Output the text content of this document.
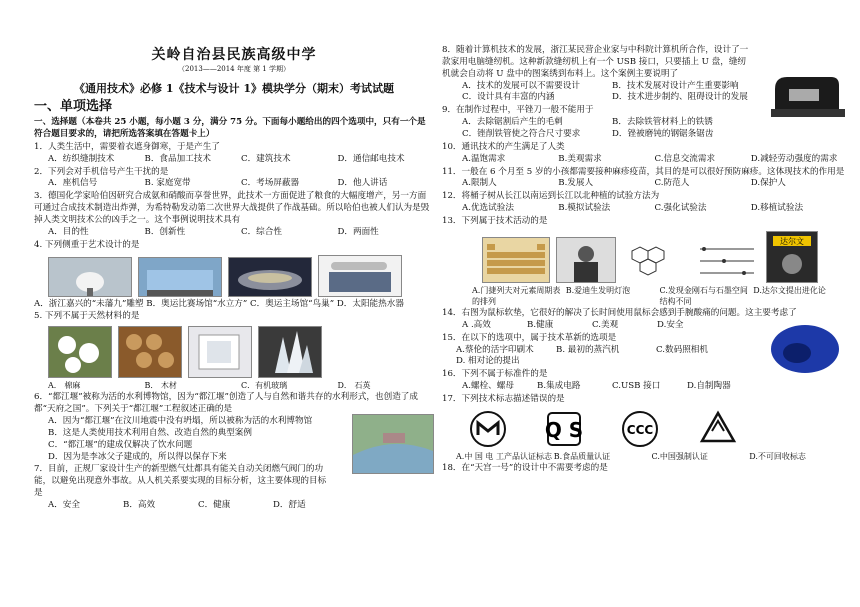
关岭自治县民族高级中学
（2013——2014 年度 第 1 学期）
《通用技术》必修 1《技术与设计 1》模块学分（期末）考试试题
一、单项选择
一、选择题（本卷共 25 小题，每小题 3 分，满分 75 分。下面每小题给出的四个选项中，只有一个是符合题目要求的，请把所选答案填在答题卡上）
1．人类生活中，需要着衣遮身御寒，于是产生了
A．纺织缝制技术	B．食品加工技术	C．建筑技术	D．通信邮电技术
2．下列会对手机信号产生干扰的是
A．座机信号	B. 家庭宽带	C．考场屏蔽器	D．他人讲话
3．德国化学家哈伯因研究合成氨和硝酸而享誉世界，此技术一方面促进了粮食的大幅度增产，另一方面可通过合成技术制造出炸弹，为希特勒发动第二次世界大战提供了作战基础。所以哈伯也被人们认为是毁掉人类文明技术公的凶手之一。这个事例说明技术具有
A．目的性	B．创新性	C．综合性	D．两面性
4. 下列侧重于艺术设计的是
A．浙江嘉兴的“未藩九”雕塑 B．奥运比赛场馆“水立方” C．奥运主场馆“鸟巢” D．太阳能热水器
5. 下列不属于天然材料的是
A． 棉麻	B． 木材	C．有机玻璃	D． 石英
6．“都江堰”被称为活的水利博物馆，因为“都江堰”创造了人与自然和谐共存的水利形式，也创造了成都“天府之国”。下列关于“都江堰”工程叙述正确的是
A．因为“都江堰”在汶川地震中没有坍塌，所以被称为活的水利博物馆
B．这是人类使用技术利用自然、改造自然的典型案例
C．“都江堰”的建成仅解决了饮水问题
D．因为是李冰父子建成的，所以得以保存下来
7．目前，正规厂家设计生产的新型燃气灶都具有能关自动关闭燃气阀门的功能，以避免出现意外事故。从人机关系要实现的目标分析，这主要体现的目标是
A．安全	B．高效	C．健康	D．舒适
8．随着计算机技术的发展，浙江某民营企业家与中科院计算机所合作，设计了一款家用电脑缝纫机。这种新款缝纫机上有一个 USB 接口，只要插上 U 盘，缝纫机就会自动将 U 盘中的图案绣到布料上。这个案例主要说明了
A．技术的发展可以不需要设计	B．技术发展对设计产生重要影响
C．设计具有丰富的内涵	D．技术进步制约、阻碍设计的发展
9．在制作过程中，平锉刀一般不能用于
A．去除锯割后产生的毛刺	B．去除铁管材料上的铁锈
C．锉削铁管使之符合尺寸要求	D．锉被磨钝的钢锯条锯齿
10．通讯技术的产生满足了人类
A.温饱需求	B.美观需求	C.信息交流需求	D.减轻劳动强度的需求
11．一般在 6 个月至 5 岁的小孩都需要接种麻疹疫苗，其目的是可以很好预防麻疹。这体现技术的作用是
A.限制人	B.发展人	C.防范人	D.保护人
12．将桶子树从长江以南运到长江以北种植的试验方法为
A.优选试验法	B.模拟试验法	C.强化试验法	D.移植试验法
13．下列属于技术活动的是
达尔文
A.门捷列夫对元素周期表的排列
B.爱迪生发明灯泡	C.发现金刚石与石墨空间结构不同
D.达尔文提出进化论
14．右图为鼠标软垫，它很好的解决了长时间使用鼠标会感到手腕酸痛的问题。这主要考虑了
A .高效	B.健康	C.美观	D.安全
15．在以下的选项中，属于技术革新的选项是
A.蔡伦的活字印刷术	B. 最初的蒸汽机	C.数码照相机
D. 相对论的提出
16．下列不属于标准件的是
A.螺栓、螺母	B.集成电路	C.USB 接口	D.自制陶器
17．下列技术标志描述错误的是
Q S	CCC
A.中 国 电 工产品认证标志 B.食品质量认证	C.中国强制认证	D.不可回收标志
18．在“天宫一号”的设计中不需要考虑的是
